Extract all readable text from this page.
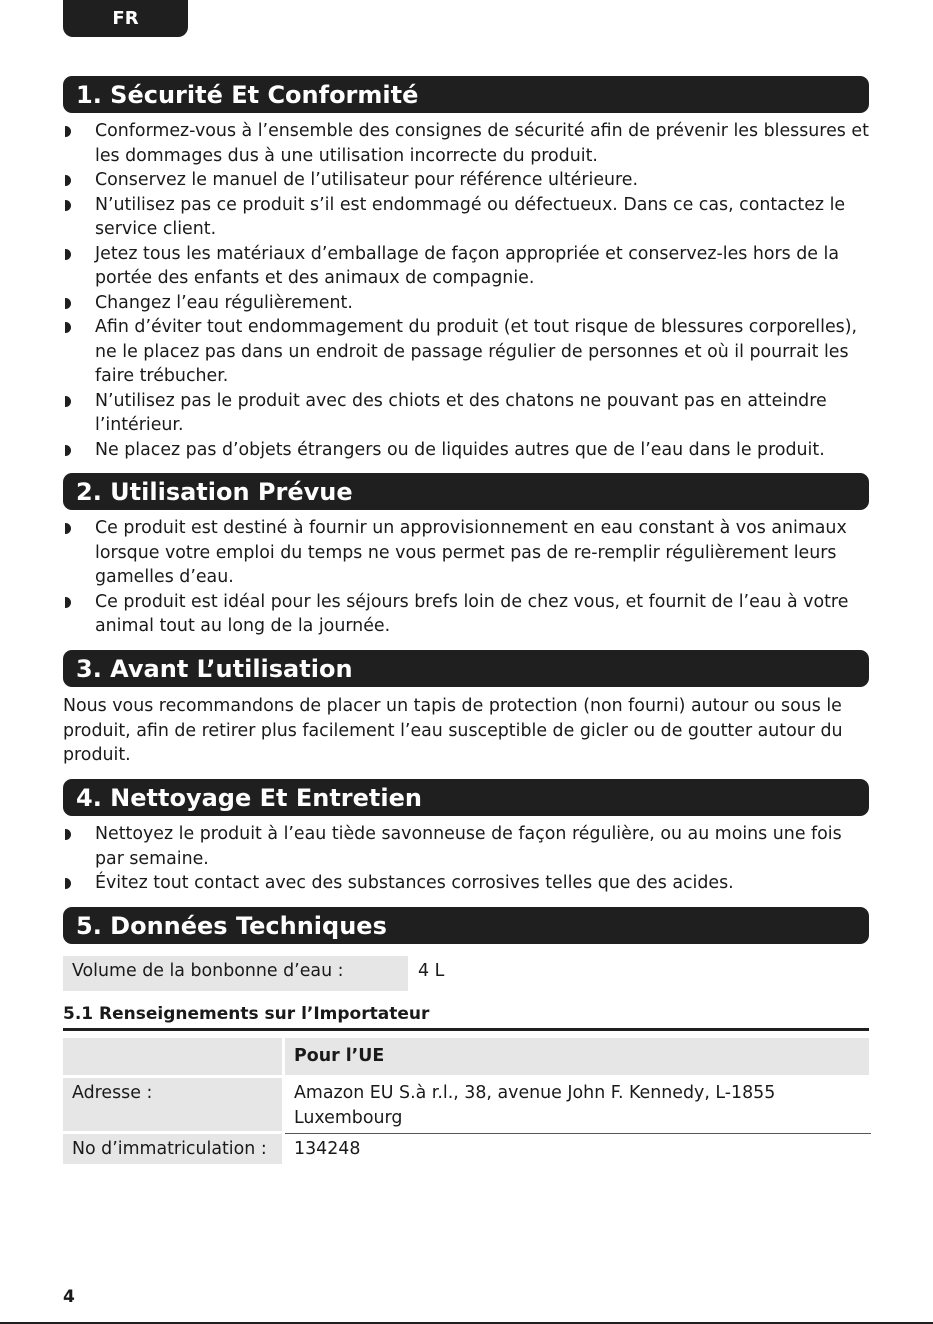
FR
1. Sécurité Et Conformité
Conformez-vous à l’ensemble des consignes de sécurité afin de prévenir les blessures et les dommages dus à une utilisation incorrecte du produit.
Conservez le manuel de l’utilisateur pour référence ultérieure.
N’utilisez pas ce produit s’il est endommagé ou défectueux. Dans ce cas, contactez le service client.
Jetez tous les matériaux d’emballage de façon appropriée et conservez-les hors de la portée des enfants et des animaux de compagnie.
Changez l’eau régulièrement.
Afin d’éviter tout endommagement du produit (et tout risque de blessures corporelles), ne le placez pas dans un endroit de passage régulier de personnes et où il pourrait les faire trébucher.
N’utilisez pas le produit avec des chiots et des chatons ne pouvant pas en atteindre l’intérieur.
Ne placez pas d’objets étrangers ou de liquides autres que de l’eau dans le produit.
2. Utilisation Prévue
Ce produit est destiné à fournir un approvisionnement en eau constant à vos animaux lorsque votre emploi du temps ne vous permet pas de re-remplir régulièrement leurs gamelles d’eau.
Ce produit est idéal pour les séjours brefs loin de chez vous, et fournit de l’eau à votre animal tout au long de la journée.
3. Avant L’utilisation

Nous vous recommandons de placer un tapis de protection (non fourni) autour ou sous le produit, afin de retirer plus facilement l’eau susceptible de gicler ou de goutter autour du produit.

4. Nettoyage Et Entretien
Nettoyez le produit à l’eau tiède savonneuse de façon régulière, ou au moins une fois par semaine.
Évitez tout contact avec des substances corrosives telles que des acides.
5. Données Techniques
Volume de la bonbonne d’eau :	4 L
5.1 Renseignements sur l’Importateur
Pour l’UE
Adresse :	Amazon EU S.à r.l., 38, avenue John F. Kennedy, L-1855 Luxembourg
No d’immatriculation :	134248
4
